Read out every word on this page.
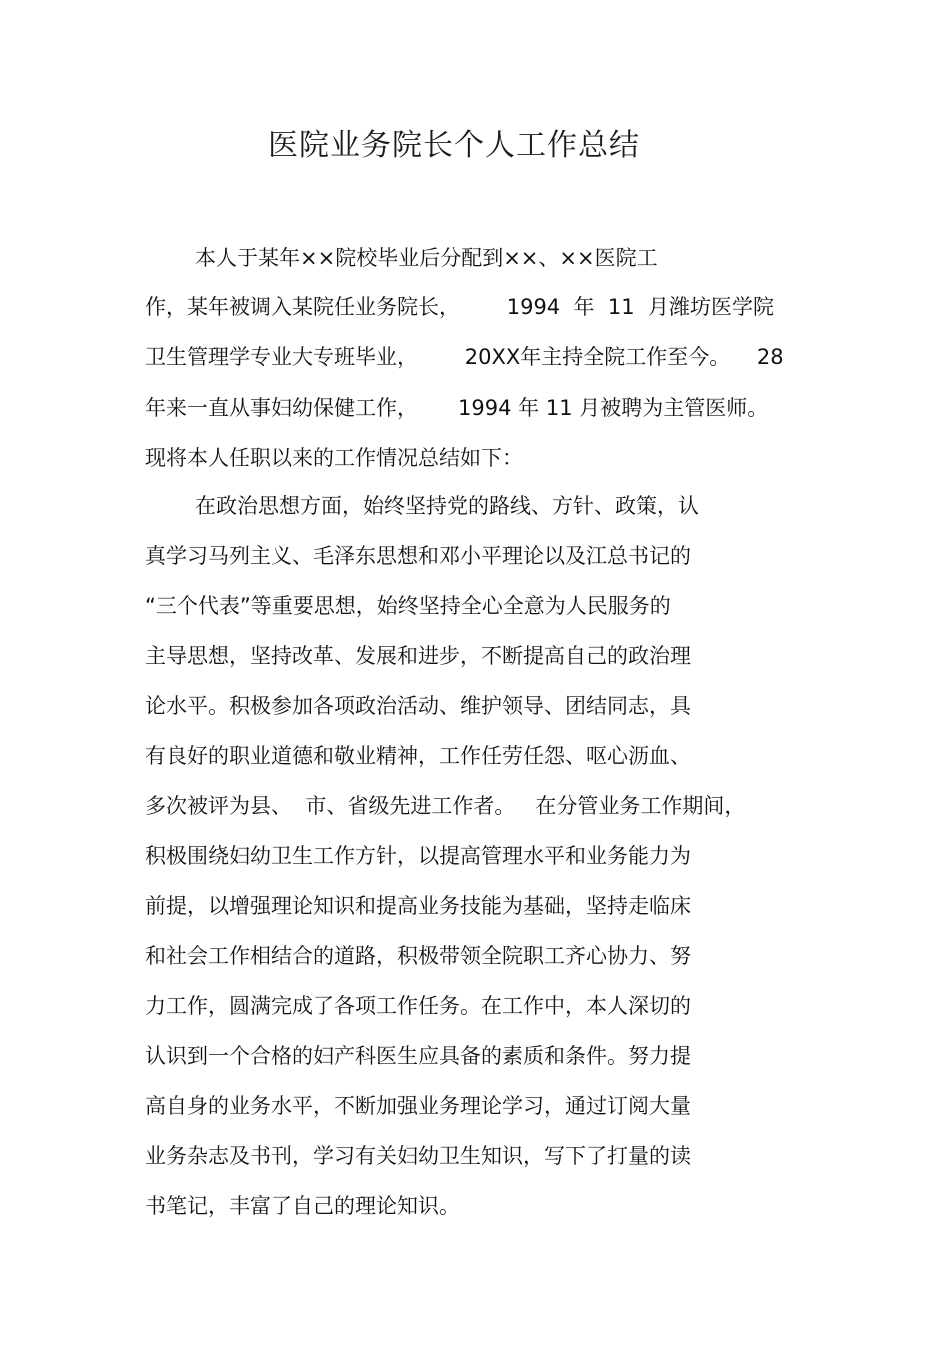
医院业务院长个人工作总结
本人于某年××院校毕业后分配到××、××医院工
作，某年被调入某院任业务院长，       1994  年  11  月潍坊医学院
卫生管理学专业大专班毕业，       20XX年主持全院工作至今。    28
年来一直从事妇幼保健工作，      1994 年 11 月被聘为主管医师。
现将本人任职以来的工作情况总结如下：
在政治思想方面，始终坚持党的路线、方针、政策，认
真学习马列主义、毛泽东思想和邓小平理论以及江总书记的
“三个代表”等重要思想，始终坚持全心全意为人民服务的
主导思想，坚持改革、发展和进步，不断提高自己的政治理
论水平。积极参加各项政治活动、维护领导、团结同志，具
有良好的职业道德和敬业精神，工作任劳任怨、呕心沥血、
多次被评为县、  市、省级先进工作者。   在分管业务工作期间，
积极围绕妇幼卫生工作方针，以提高管理水平和业务能力为
前提，以增强理论知识和提高业务技能为基础，坚持走临床
和社会工作相结合的道路，积极带领全院职工齐心协力、努
力工作，圆满完成了各项工作任务。在工作中，本人深切的
认识到一个合格的妇产科医生应具备的素质和条件。努力提
高自身的业务水平，不断加强业务理论学习，通过订阅大量
业务杂志及书刊，学习有关妇幼卫生知识，写下了打量的读
书笔记，丰富了自己的理论知识。
